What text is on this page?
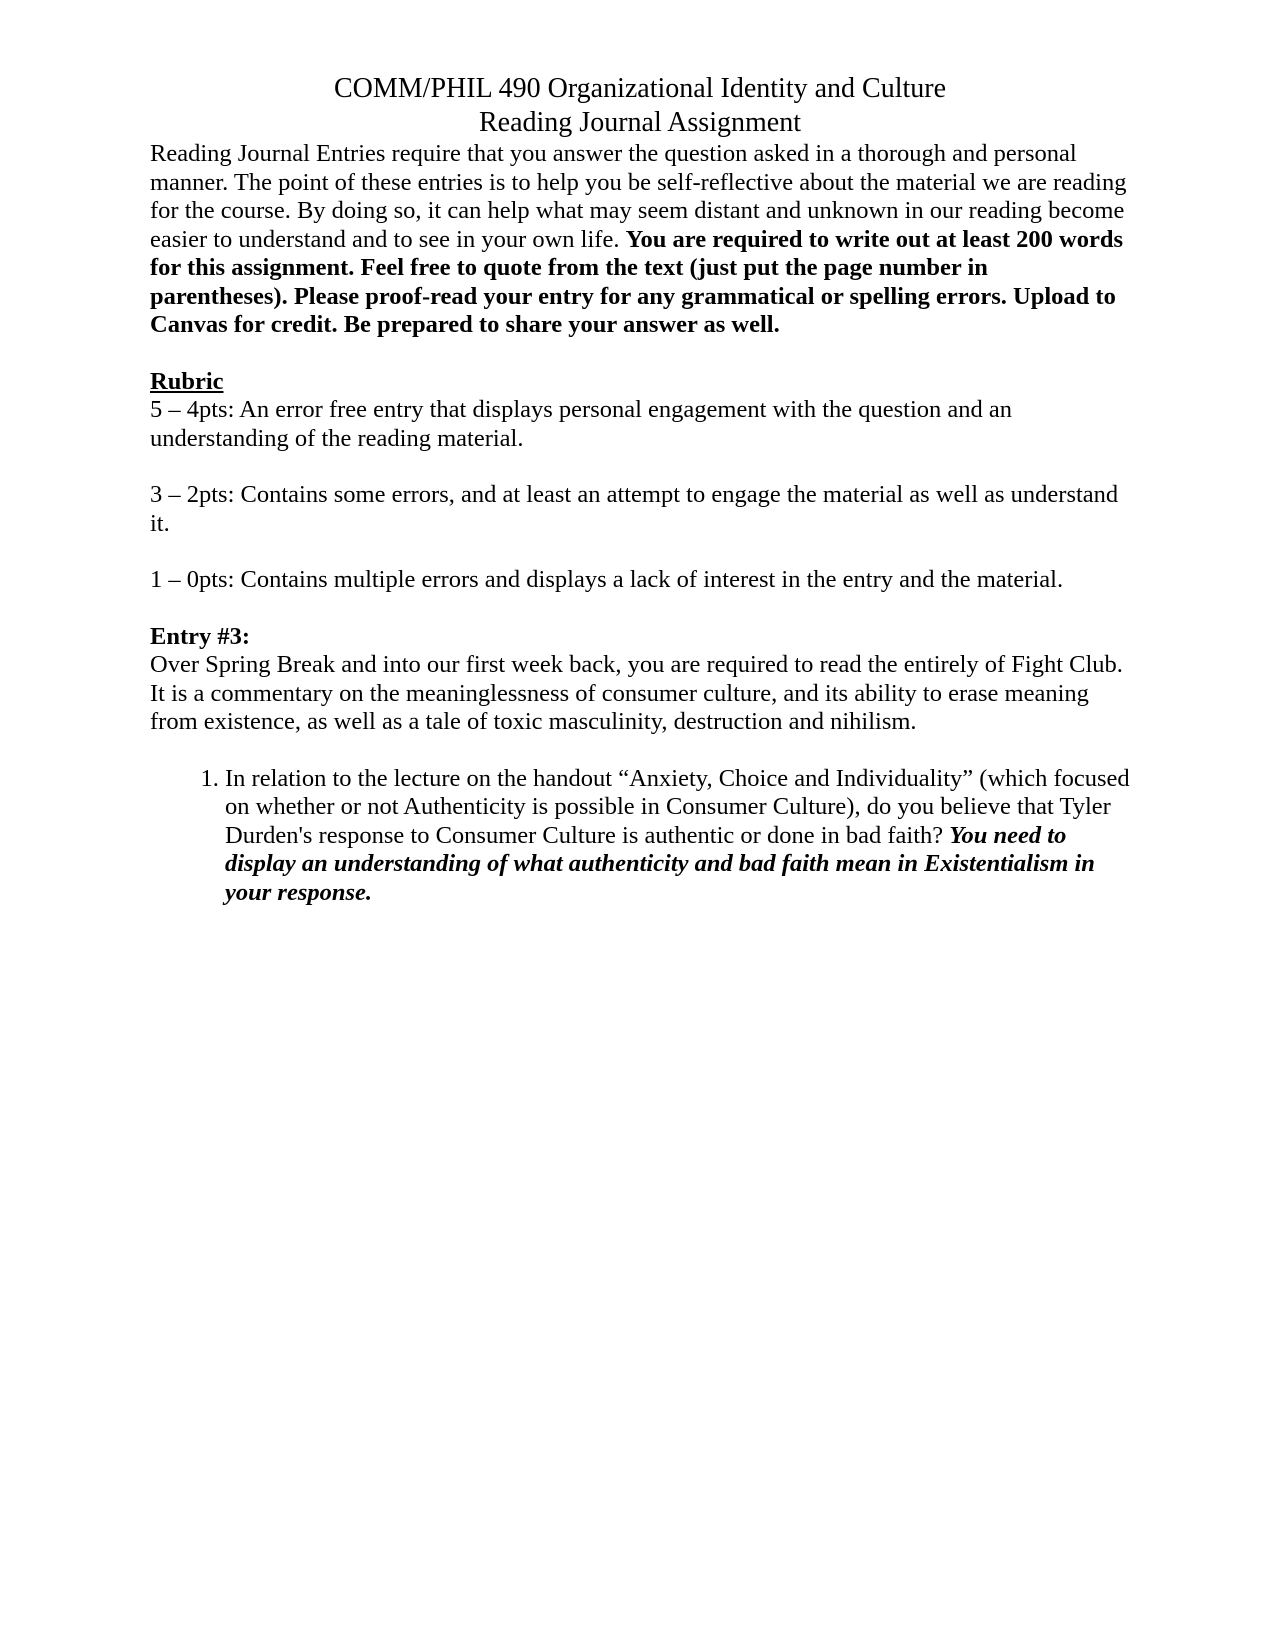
COMM/PHIL 490 Organizational Identity and Culture
Reading Journal Assignment

Reading Journal Entries require that you answer the question asked in a thorough and personal manner. The point of these entries is to help you be self-reflective about the material we are reading for the course. By doing so, it can help what may seem distant and unknown in our reading become easier to understand and to see in your own life. You are required to write out at least 200 words for this assignment. Feel free to quote from the text (just put the page number in parentheses). Please proof-read your entry for any grammatical or spelling errors. Upload to Canvas for credit. Be prepared to share your answer as well.

Rubric

5 – 4pts: An error free entry that displays personal engagement with the question and an understanding of the reading material.

3 – 2pts: Contains some errors, and at least an attempt to engage the material as well as understand it.

1 – 0pts: Contains multiple errors and displays a lack of interest in the entry and the material.

Entry #3:

Over Spring Break and into our first week back, you are required to read the entirely of Fight Club. It is a commentary on the meaninglessness of consumer culture, and its ability to erase meaning from existence, as well as a tale of toxic masculinity, destruction and nihilism.

1. In relation to the lecture on the handout “Anxiety, Choice and Individuality” (which focused on whether or not Authenticity is possible in Consumer Culture), do you believe that Tyler Durden's response to Consumer Culture is authentic or done in bad faith? You need to display an understanding of what authenticity and bad faith mean in Existentialism in your response.
